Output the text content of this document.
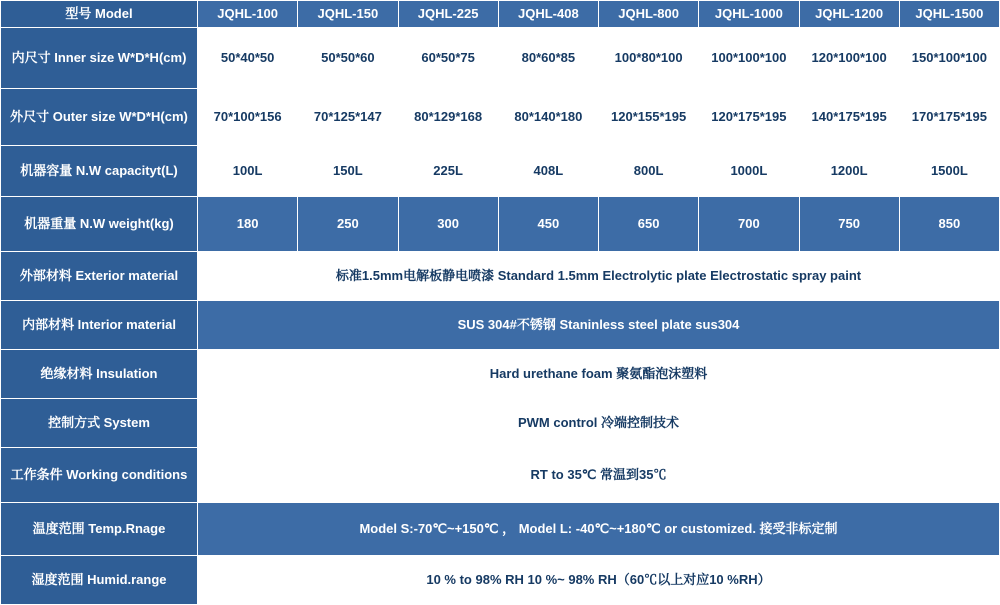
型号 Model	JQHL-100	JQHL-150	JQHL-225	JQHL-408	JQHL-800	JQHL-1000	JQHL-1200	JQHL-1500
内尺寸 Inner size W*D*H(cm)	50*40*50	50*50*60	60*50*75	80*60*85	100*80*100	100*100*100	120*100*100	150*100*100
外尺寸 Outer size W*D*H(cm)	70*100*156	70*125*147	80*129*168	80*140*180	120*155*195	120*175*195	140*175*195	170*175*195
机器容量 N.W capacityt(L)	100L	150L	225L	408L	800L	1000L	1200L	1500L
机器重量 N.W weight(kg)	180	250	300	450	650	700	750	850
外部材料 Exterior material	标准1.5mm电解板静电喷漆 Standard 1.5mm Electrolytic plate Electrostatic spray paint							
内部材料 Interior material	SUS 304#不锈钢 Staninless steel plate sus304							
绝缘材料 Insulation	Hard urethane foam 聚氨酯泡沫塑料							
控制方式 System	PWM control 冷端控制技术							
工作条件 Working conditions	RT to 35℃ 常温到35℃							
温度范围 Temp.Rnage	Model S:-70℃~+150℃ ， Model L: -40℃~+180℃ or customized. 接受非标定制							
湿度范围 Humid.range	10 % to 98% RH 10 %~ 98% RH（60℃以上对应10 %RH）							
